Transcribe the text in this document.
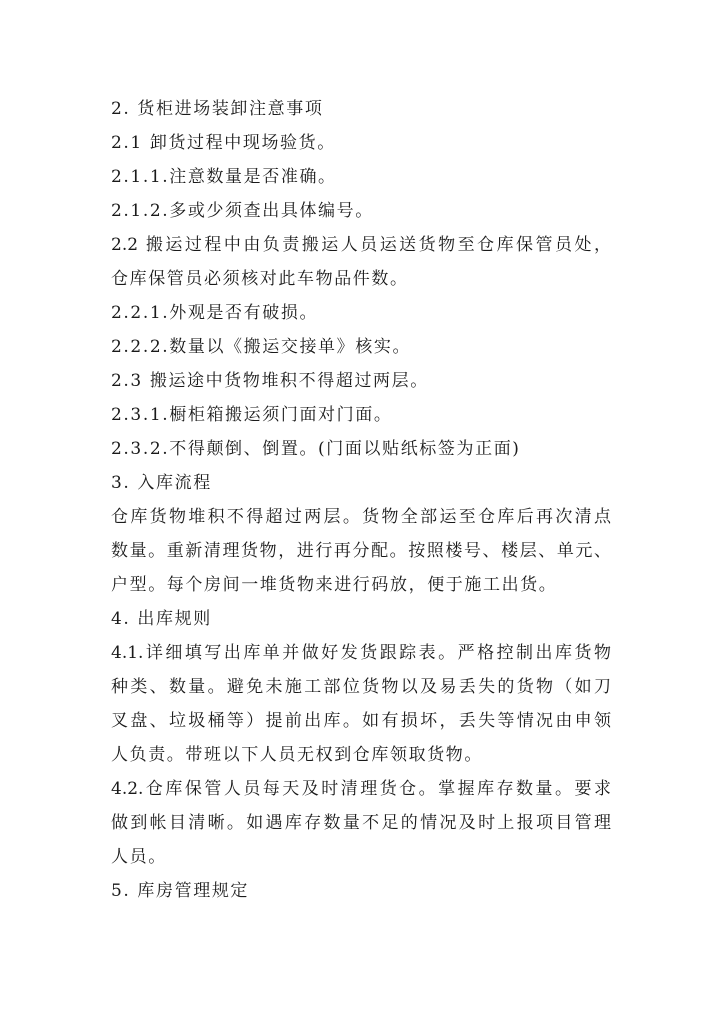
2. 货柜进场装卸注意事项
2.1 卸货过程中现场验货。
2.1.1.注意数量是否准确。
2.1.2.多或少须查出具体编号。
2.2 搬运过程中由负责搬运人员运送货物至仓库保管员处，
仓库保管员必须核对此车物品件数。
2.2.1.外观是否有破损。
2.2.2.数量以《搬运交接单》核实。
2.3 搬运途中货物堆积不得超过两层。
2.3.1.橱柜箱搬运须门面对门面。
2.3.2.不得颠倒、倒置。(门面以贴纸标签为正面)
3. 入库流程
仓库货物堆积不得超过两层。货物全部运至仓库后再次清点
数量。重新清理货物，进行再分配。按照楼号、楼层、单元、
户型。每个房间一堆货物来进行码放，便于施工出货。
4. 出库规则
4.1.详细填写出库单并做好发货跟踪表。严格控制出库货物
种类、数量。避免未施工部位货物以及易丢失的货物（如刀
叉盘、垃圾桶等）提前出库。如有损坏，丢失等情况由申领
人负责。带班以下人员无权到仓库领取货物。
4.2.仓库保管人员每天及时清理货仓。掌握库存数量。要求
做到帐目清晰。如遇库存数量不足的情况及时上报项目管理
人员。
5. 库房管理规定
